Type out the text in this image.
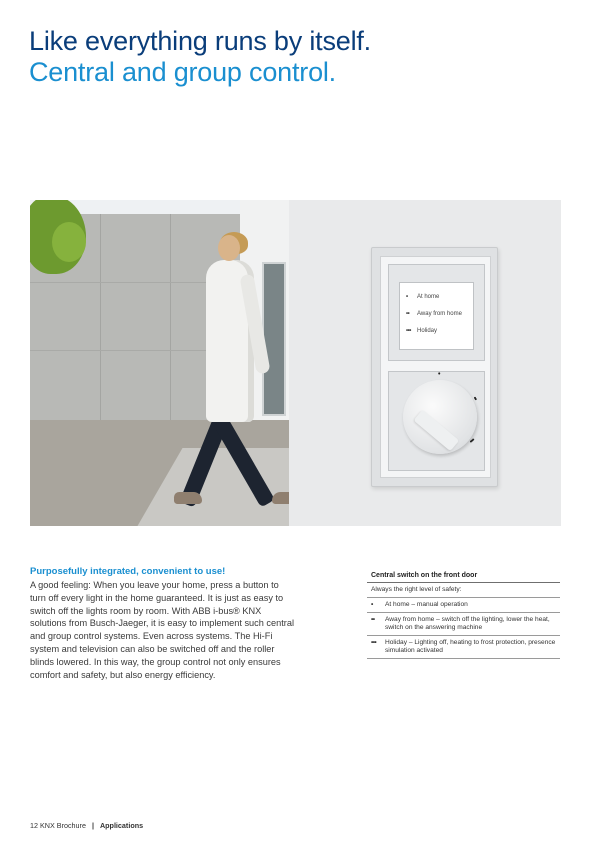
Like everything runs by itself.
Central and group control.
• At home
•• Away from home
••• Holiday
•
••
•••
Purposefully integrated, convenient to use!
A good feeling: When you leave your home, press a button to turn off every light in the home guaranteed. It is just as easy to switch off the lights room by room. With ABB i-bus® KNX solutions from Busch-Jaeger, it is easy to implement such central and group control systems. Even across systems. The Hi-Fi system and television can also be switched off and the roller blinds lowered. In this way, the group control not only ensures comfort and safety, but also energy efficiency.
Central switch on the front door
Always the right level of safety:
•	At home – manual operation
••	Away from home – switch off the lighting, lower the heat, switch on the answering machine
•••	Holiday – Lighting off, heating to frost protection, presence simulation activated
12 KNX Brochure | Applications
